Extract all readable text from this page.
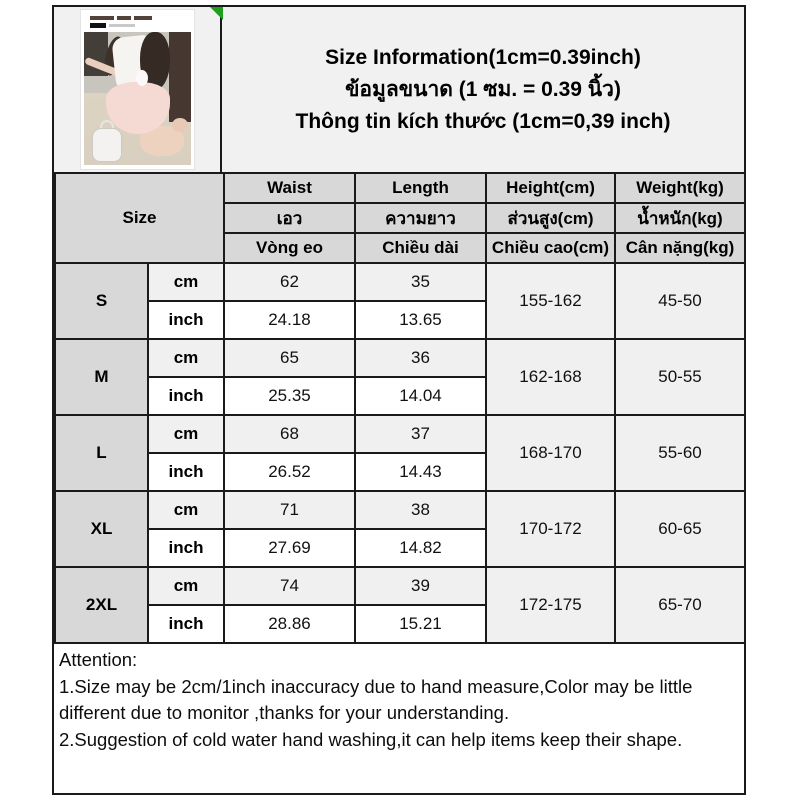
Size Information(1cm=0.39inch)
ข้อมูลขนาด (1 ซม. = 0.39 นิ้ว)
Thông tin kích thước (1cm=0,39 inch)
Size		Waist	Length	Height(cm)	Weight(kg)
		เอว	ความยาว	ส่วนสูง(cm)	น้ำหนัก(kg)
		Vòng eo	Chiều dài	Chiều cao(cm)	Cân nặng(kg)
S	cm	62	35	155-162	45-50
	inch	24.18	13.65		
M	cm	65	36	162-168	50-55
	inch	25.35	14.04		
L	cm	68	37	168-170	55-60
	inch	26.52	14.43		
XL	cm	71	38	170-172	60-65
	inch	27.69	14.82		
2XL	cm	74	39	172-175	65-70
	inch	28.86	15.21		
Attention:
1.Size may be 2cm/1inch inaccuracy due to hand measure,Color may be little different due to monitor ,thanks for your understanding.
2.Suggestion of cold water hand washing,it can help items keep their shape.
